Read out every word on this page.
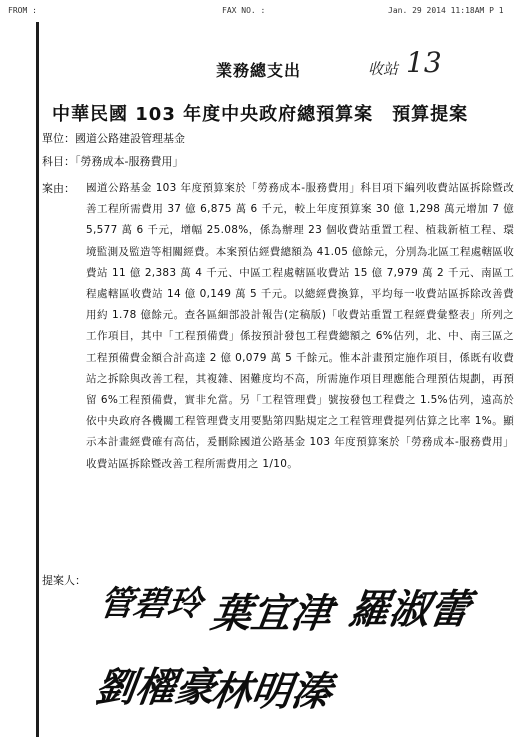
FROM :	FAX NO. :	Jan. 29 2014 11:18AM P 1
業務總支出	收站 13
中華民國 103 年度中央政府總預算案　預算提案
單位：國道公路建設管理基金
科目：「勞務成本-服務費用」
案由： 國道公路基金 103 年度預算案於「勞務成本-服務費用」科目項下編列收費站區拆除暨改善工程所需費用 37 億 6,875 萬 6 千元，較上年度預算案 30 億 1,298 萬元增加 7 億 5,577 萬 6 千元，增幅 25.08%，係為辦理 23 個收費站重置工程、植栽新植工程、環境監測及監造等相關經費。本案預估經費總額為 41.05 億餘元，分別為北區工程處轄區收費站 11 億 2,383 萬 4 千元、中區工程處轄區收費站 15 億 7,979 萬 2 千元、南區工程處轄區收費站 14 億 0,149 萬 5 千元。以總經費換算，平均每一收費站區拆除改善費用約 1.78 億餘元。查各區細部設計報告(定稿版)「收費站重置工程經費彙整表」所列之工作項目，其中「工程預備費」係按預計發包工程費總額之 6%估列，北、中、南三區之工程預備費金額合計高達 2 億 0,079 萬 5 千餘元。惟本計畫預定施作項目，係既有收費站之拆除與改善工程，其複雜、困難度均不高，所需施作項目理應能合理預估規劃，再預留 6%工程預備費，實非允當。另「工程管理費」號按發包工程費之 1.5%估列，遠高於依中央政府各機關工程管理費支用要點第四點規定之工程管理費提列估算之比率 1%。顯示本計畫經費確有高估，爰刪除國道公路基金 103 年度預算案於「勞務成本-服務費用」收費站區拆除暨改善工程所需費用之 1/10。
提案人：
管碧玲 葉宜津 羅淑蕾
劉櫂豪
林明溱
